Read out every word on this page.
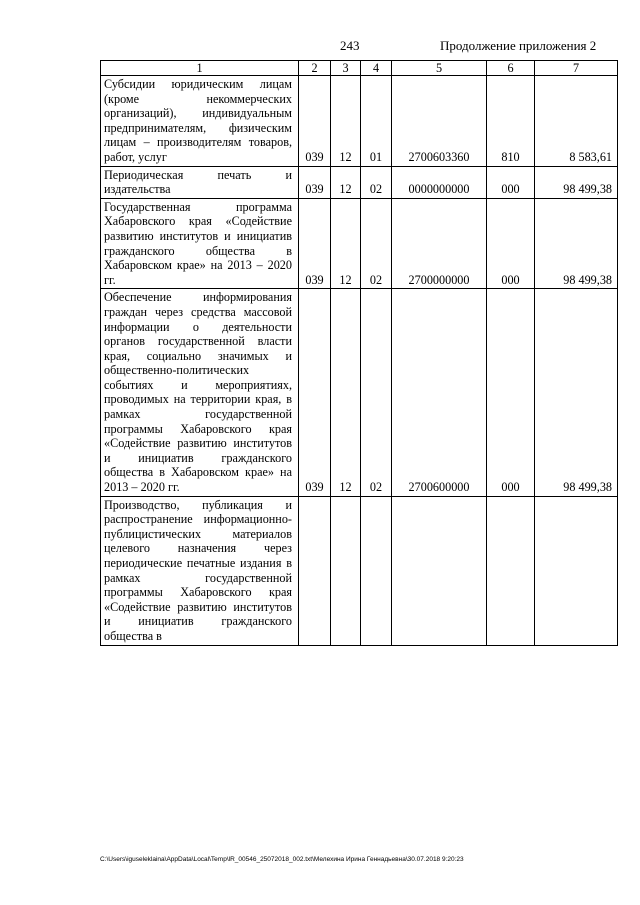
243	Продолжение приложения 2
1	2	3	4	5	6	7

Субсидии юридическим лицам (кроме некоммерческих организаций), индивидуальным предпринимателям, физическим лицам – производителям товаров, работ, услуг	039	12	01	2700603360	810	8 583,61

Периодическая печать и издательства	039	12	02	0000000000	000	98 499,38

Государственная программа Хабаровского края «Содействие развитию институтов и инициатив гражданского общества в Хабаровском крае» на 2013 – 2020 гг.	039	12	02	2700000000	000	98 499,38

Обеспечение информирования граждан через средства массовой информации о деятельности органов государственной власти края, социально значимых и общественно-политических событиях и мероприятиях, проводимых на территории края, в рамках государственной программы Хабаровского края «Содействие развитию институтов и инициатив гражданского общества в Хабаровском крае» на 2013 – 2020 гг.	039	12	02	2700600000	000	98 499,38

Производство, публикация и распространение информационно-публицистических материалов целевого назначения через периодические печатные издания в рамках государственной программы Хабаровского края «Содействие развитию институтов и инициатив гражданского общества в						

C:\Users\iguseleklaina\AppData\Local\Temp\lR_00546_25072018_002.txt\Мелехина Ирина Геннадьевна\30.07.2018 9:20:23
